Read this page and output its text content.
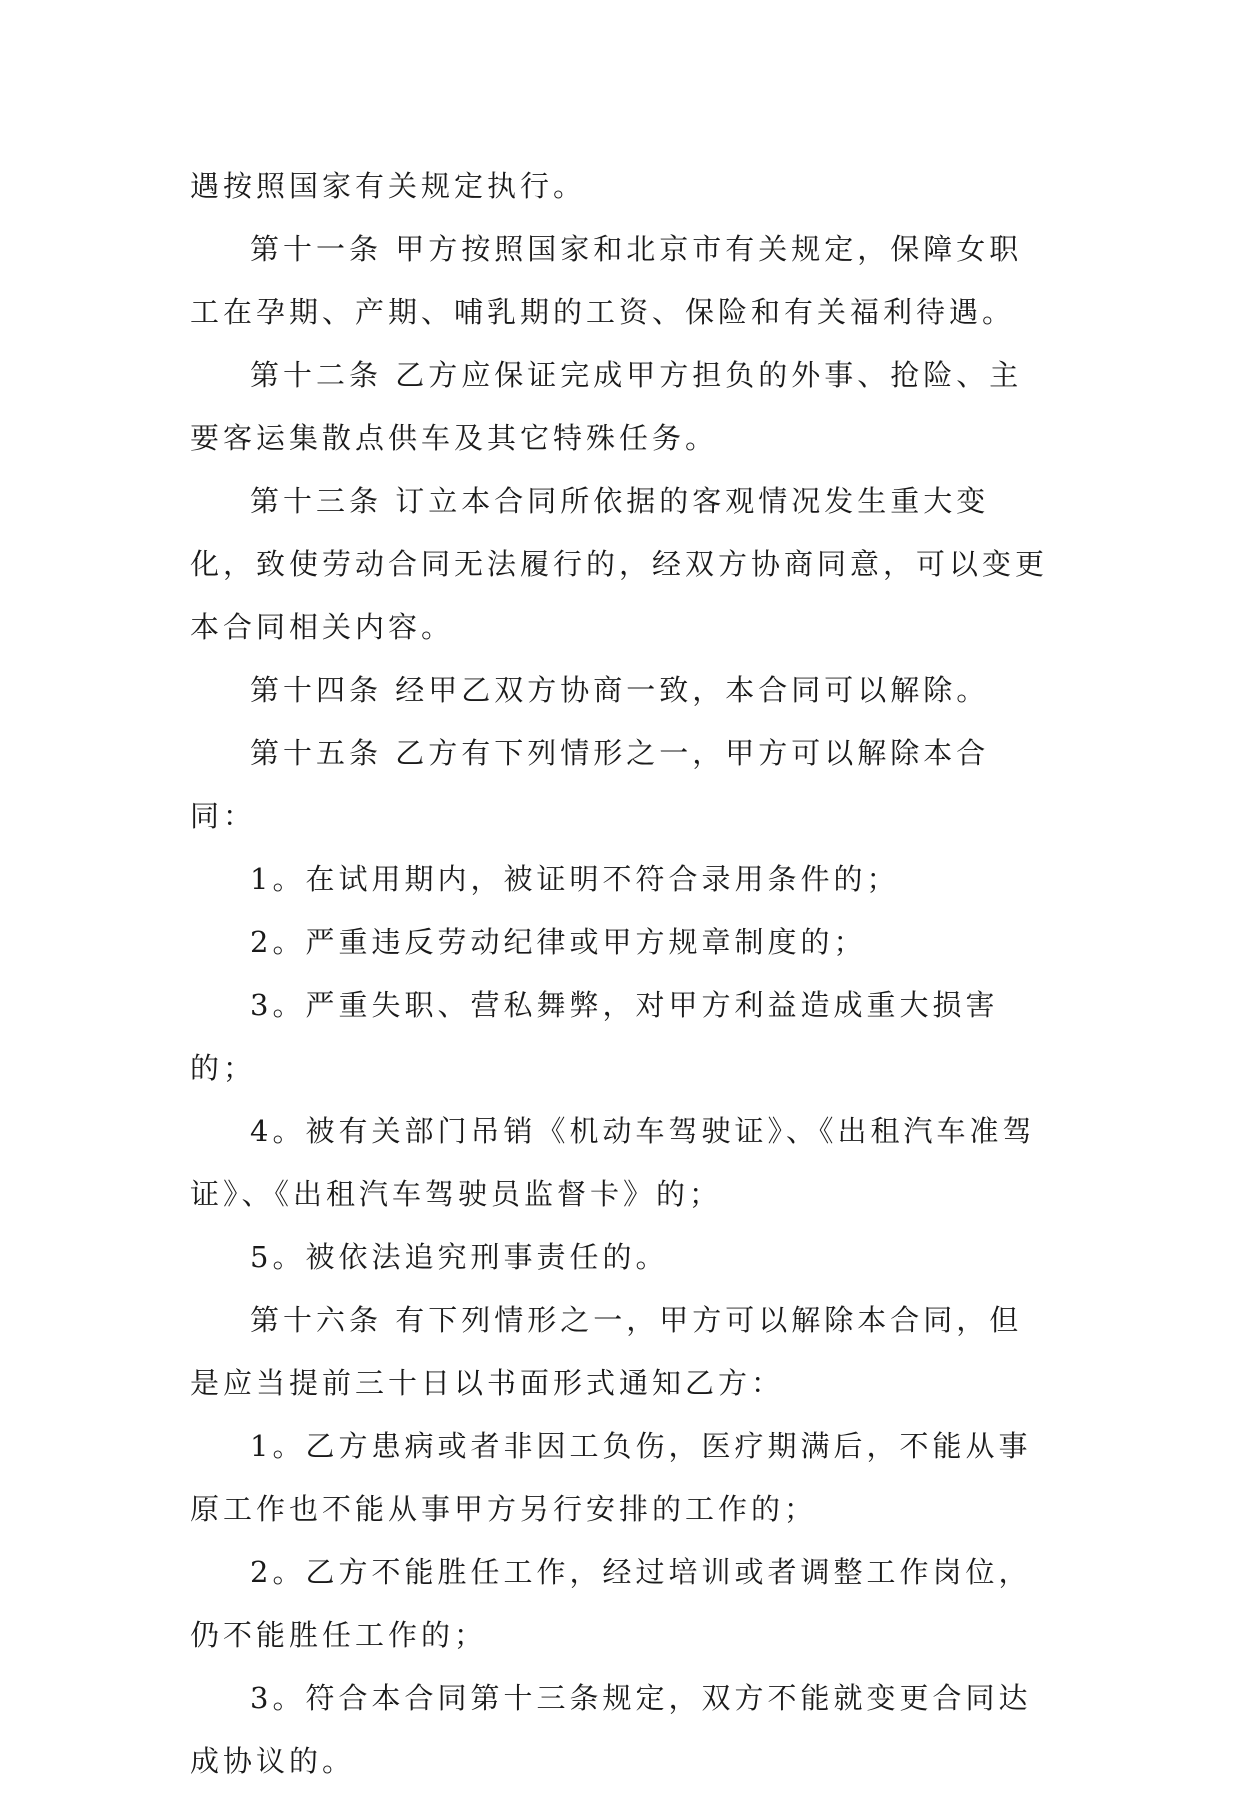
遇按照国家有关规定执行。

第十一条 甲方按照国家和北京市有关规定，保障女职工在孕期、产期、哺乳期的工资、保险和有关福利待遇。

第十二条 乙方应保证完成甲方担负的外事、抢险、主要客运集散点供车及其它特殊任务。

第十三条 订立本合同所依据的客观情况发生重大变化，致使劳动合同无法履行的，经双方协商同意，可以变更本合同相关内容。

第十四条 经甲乙双方协商一致，本合同可以解除。

第十五条 乙方有下列情形之一，甲方可以解除本合同：

1。在试用期内，被证明不符合录用条件的；

2。严重违反劳动纪律或甲方规章制度的；

3。严重失职、营私舞弊，对甲方利益造成重大损害的；

4。被有关部门吊销《机动车驾驶证》、《出租汽车准驾证》、《出租汽车驾驶员监督卡》的；

5。被依法追究刑事责任的。

第十六条 有下列情形之一，甲方可以解除本合同，但是应当提前三十日以书面形式通知乙方：

1。乙方患病或者非因工负伤，医疗期满后，不能从事原工作也不能从事甲方另行安排的工作的；

2。乙方不能胜任工作，经过培训或者调整工作岗位，仍不能胜任工作的；

3。符合本合同第十三条规定，双方不能就变更合同达成协议的。
